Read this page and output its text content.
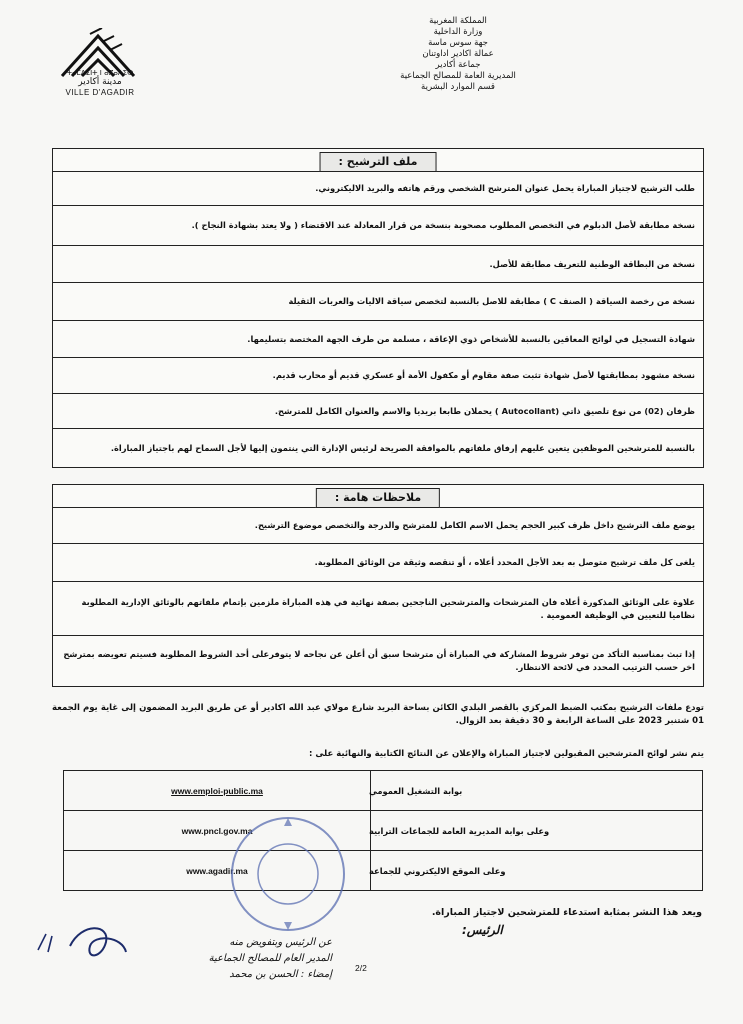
ⵜⴰⵎⴷⵉⵏⵜ ⵏ ⴰⴳⴰⴷⵉⵔ
مدينة أكادير
VILLE D'AGADIR
المملكة المغربية
وزارة الداخلية
جهة سوس ماسة
عمالة اكادير اداوتنان
جماعة أكادير
المديرية العامة للمصالح الجماعية
قسم الموارد البشرية
ملف الترشيح :
طلب الترشيح لاجتياز المباراة يحمل عنوان المترشح الشخصي ورقم هاتفه والبريد الاليكتروني.
نسخة مطابقة لأصل الدبلوم في التخصص المطلوب مصحوبة بنسخة من قرار المعادلة عند الاقتضاء ( ولا يعتد بشهادة النجاح ).
نسخة من البطاقة الوطنية للتعريف مطابقة للأصل.
نسخة من رخصة السياقة ( الصنف C ) مطابقة للاصل بالنسبة لتخصص سياقة الاليات والعربات الثقيلة
شهادة التسجيل في لوائح المعاقين بالنسبة للأشخاص ذوي الإعاقة ، مسلمة من طرف الجهة المختصة بتسليمها.
نسخة مشهود بمطابقتها لأصل شهادة تثبت صفة مقاوم أو مكفول الأمة أو عسكري قديم أو محارب قديم.
ظرفان (02) من نوع تلصيق ذاتي (Autocollant ) يحملان طابعا بريديا والاسم والعنوان الكامل للمترشح.
بالنسبة للمترشحين الموظفين يتعين عليهم إرفاق ملفاتهم بالموافقة الصريحة لرئيس الإدارة التي ينتمون إليها لأجل السماح لهم باجتياز المباراة.
ملاحظات هامة :
يوضع ملف الترشيح داخل ظرف كبير الحجم يحمل الاسم الكامل للمترشح والدرجة والتخصص موضوع الترشيح.
يلغى كل ملف ترشيح متوصل به بعد الأجل المحدد أعلاه ، أو تنقصه وثيقة من الوثائق المطلوبة.
علاوة على الوثائق المذكورة أعلاه فان المترشحات والمترشحين الناجحين بصفة نهائية في هذه المباراة ملزمين بإتمام ملفاتهم بالوثائق الإدارية المطلوبة نظاميا للتعيين في الوظيفة العمومية .
إذا تبث بمناسبة التأكد من توفر شروط المشاركة في المباراة أن مترشحا سبق أن أعلن عن نجاحه لا يتوفرعلى أحد الشروط المطلوبة فسيتم تعويضه بمترشح اخر حسب الترتيب المحدد في لائحة الانتظار.
تودع ملفات الترشيح بمكتب الضبط المركزي بالقصر البلدي الكائن بساحة البريد شارع مولاي عبد الله اكادير أو عن طريق البريد المضمون إلى غاية يوم الجمعة 01 شتنبر 2023 على الساعة الرابعة و 30 دقيقة بعد الزوال.
يتم نشر لوائح المترشحين المقبولين لاجتياز المباراة والإعلان عن النتائج الكتابية والنهائية على :
www.emploi-public.ma	بوابة التشغيل العمومي
www.pncl.gov.ma	وعلى بوابة المديرية العامة للجماعات الترابية
www.agadir.ma	وعلى الموقع الاليكتروني للجماعة
ويعد هذا النشر بمثابة استدعاء للمترشحين لاجتياز المباراة.
الرئيس:
عن الرئيس وبتفويض منه
المدير العام للمصالح الجماعية
إمضاء : الحسن بن محمد
2/2
